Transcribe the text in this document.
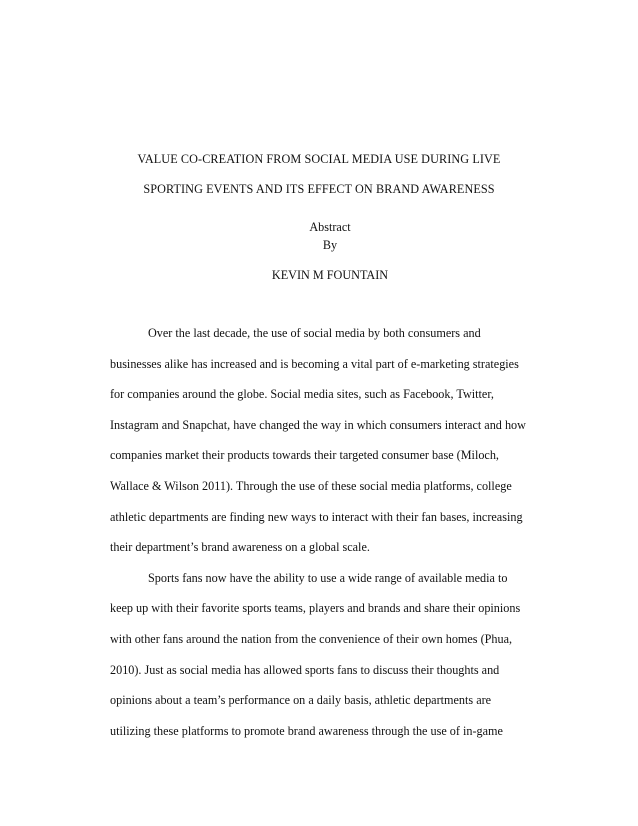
VALUE CO-CREATION FROM SOCIAL MEDIA USE DURING LIVE
SPORTING EVENTS AND ITS EFFECT ON BRAND AWARENESS
Abstract
By
KEVIN M FOUNTAIN
Over the last decade, the use of social media by both consumers and
businesses alike has increased and is becoming a vital part of e-marketing strategies
for companies around the globe. Social media sites, such as Facebook, Twitter,
Instagram and Snapchat, have changed the way in which consumers interact and how
companies market their products towards their targeted consumer base (Miloch,
Wallace & Wilson 2011). Through the use of these social media platforms, college
athletic departments are finding new ways to interact with their fan bases, increasing
their department’s brand awareness on a global scale.
Sports fans now have the ability to use a wide range of available media to
keep up with their favorite sports teams, players and brands and share their opinions
with other fans around the nation from the convenience of their own homes (Phua,
2010). Just as social media has allowed sports fans to discuss their thoughts and
opinions about a team’s performance on a daily basis, athletic departments are
utilizing these platforms to promote brand awareness through the use of in-game
